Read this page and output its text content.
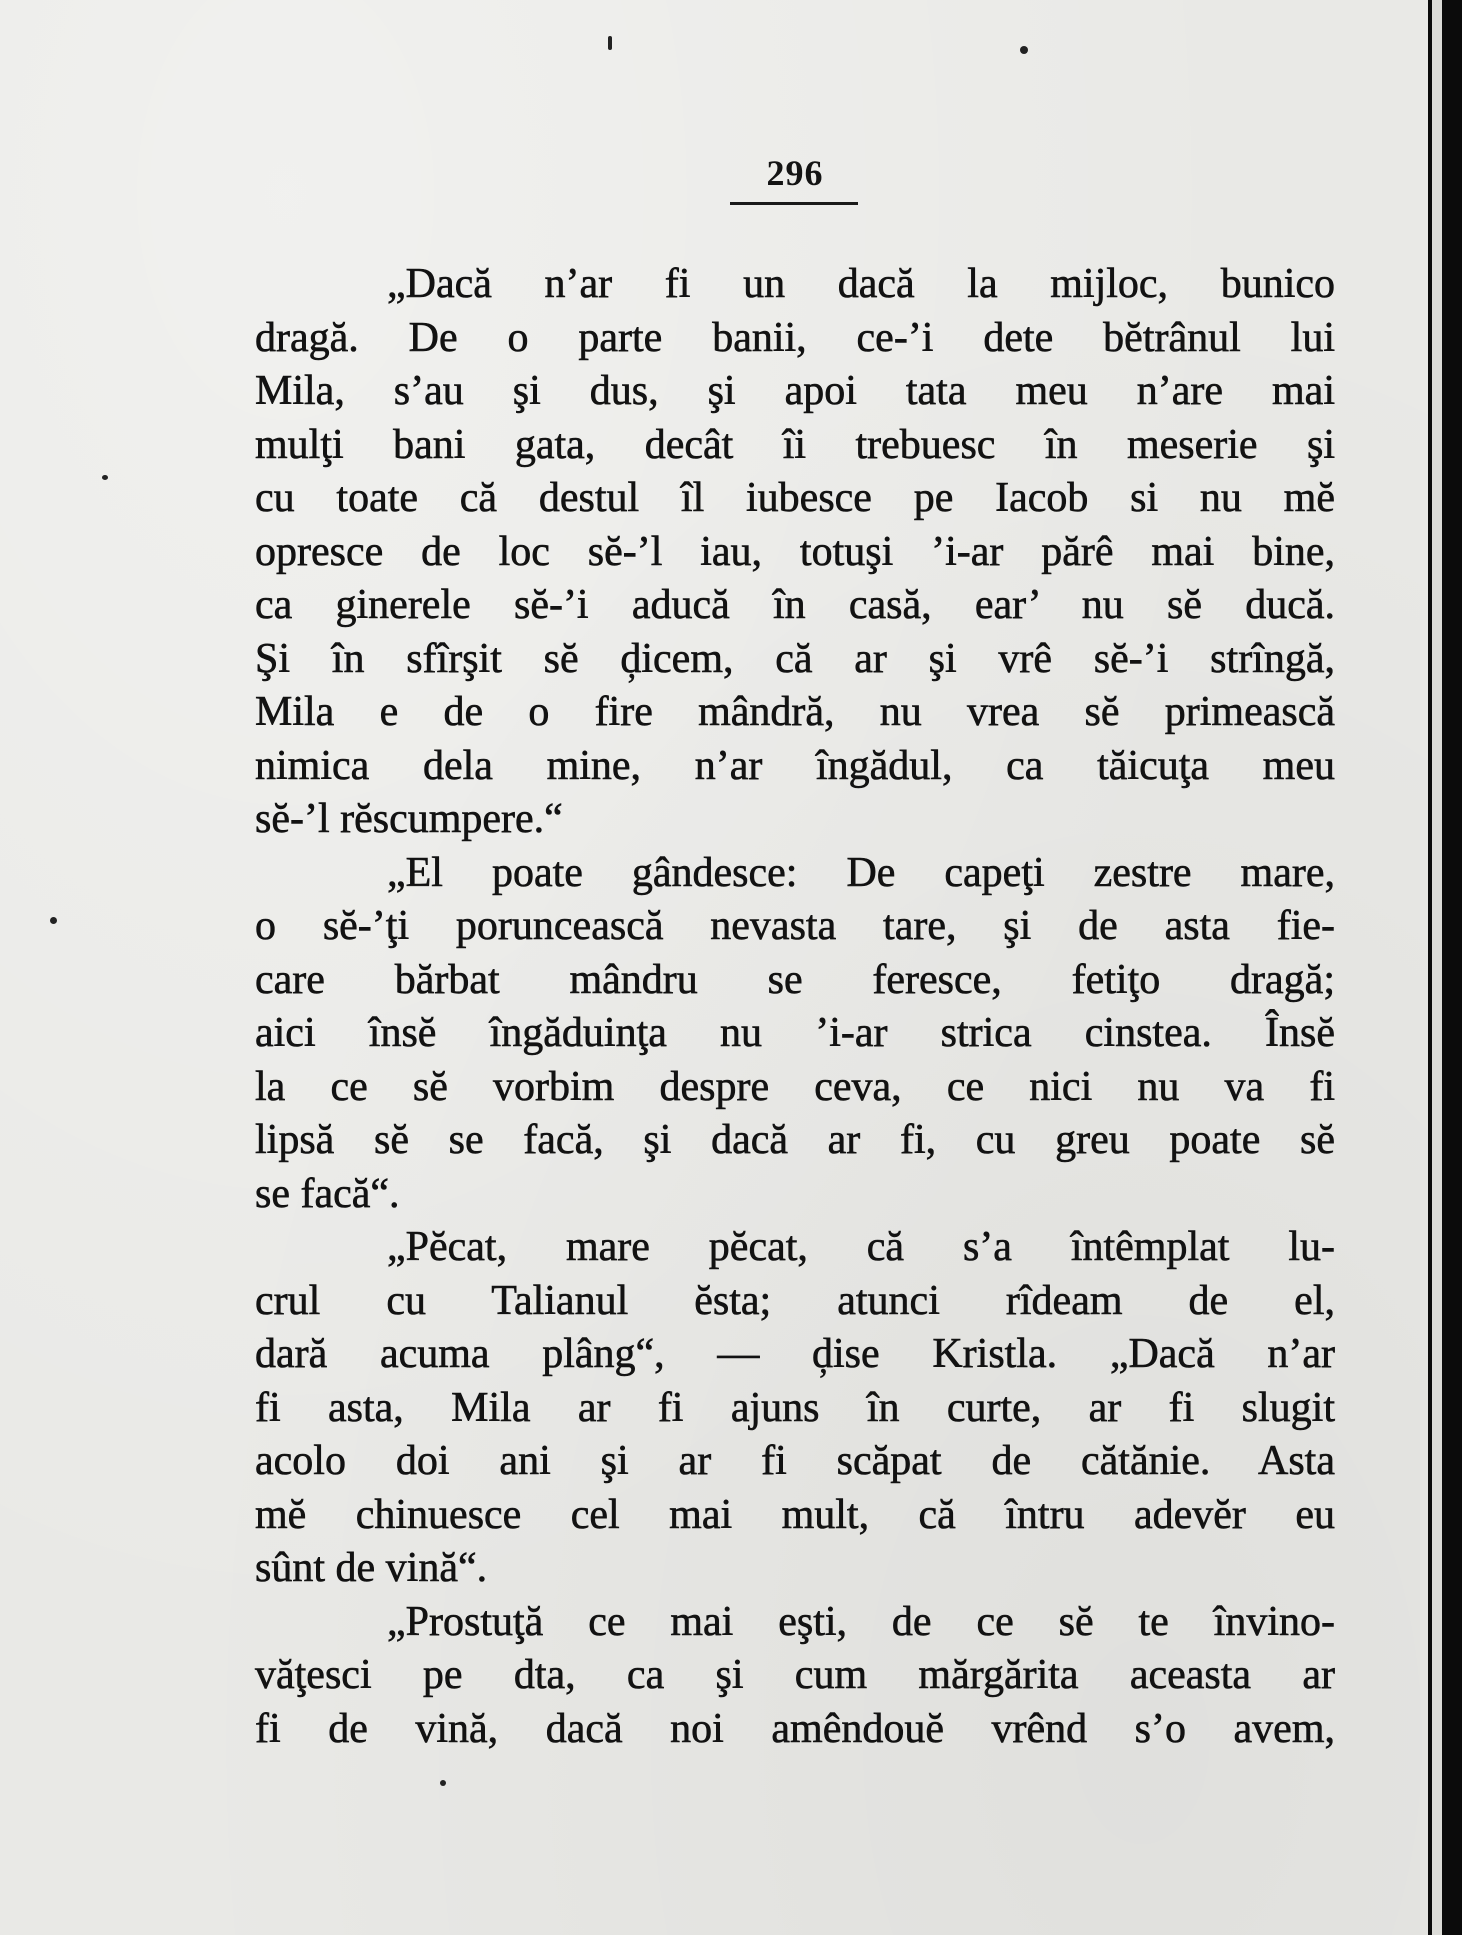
296

„Dacă n’ar fi un dacă la mijloc, bunico
dragă. De o parte banii, ce-’i dete bĕtrânul lui
Mila, s’au şi dus, şi apoi tata meu n’are mai
mulţi bani gata, decât îi trebuesc în meserie şi
cu toate că destul îl iubesce pe Iacob si nu mĕ
opresce de loc sĕ-’l iau, totuşi ’i-ar părê mai bine,
ca ginerele sĕ-’i aducă în casă, ear’ nu sĕ ducă.
Şi în sfîrşit sĕ ḑicem, că ar şi vrê sĕ-’i strîngă,
Mila e de o fire mândră, nu vrea sĕ primească
nimica dela mine, n’ar îngădul, ca tăicuţa meu
sĕ-’l rĕscumpere.“

„El poate gândesce: De capeţi zestre mare,
o sĕ-’ţi poruncească nevasta tare, şi de asta fie-
care bărbat mândru se feresce, fetiţo dragă;
aici însĕ îngăduinţa nu ’i-ar strica cinstea. Însĕ
la ce sĕ vorbim despre ceva, ce nici nu va fi
lipsă sĕ se facă, şi dacă ar fi, cu greu poate sĕ
se facă“.

„Pĕcat, mare pĕcat, că s’a întêmplat lu-
crul cu Talianul ĕsta; atunci rîdeam de el,
dară acuma plâng“, — ḑise Kristla. „Dacă n’ar
fi asta, Mila ar fi ajuns în curte, ar fi slugit
acolo doi ani şi ar fi scăpat de cătănie. Asta
mĕ chinuesce cel mai mult, că întru adevĕr eu
sûnt de vină“.

„Prostuţă ce mai eşti, de ce sĕ te învino-
văţesci pe dta, ca şi cum mărgărita aceasta ar
fi de vină, dacă noi amêndouĕ vrênd s’o avem,
